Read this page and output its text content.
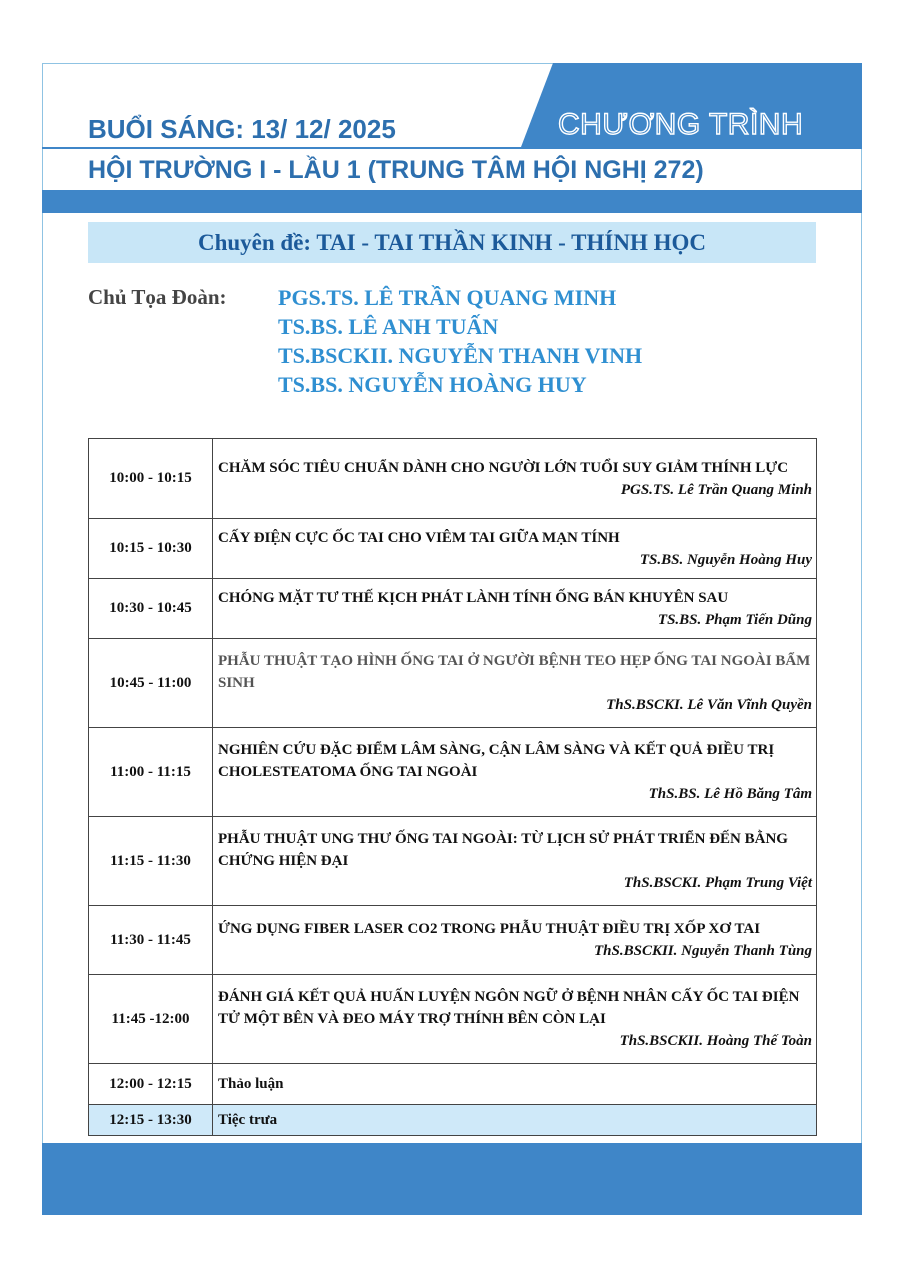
CHƯƠNG TRÌNH
BUỔI SÁNG: 13/ 12/ 2025
HỘI TRƯỜNG I - LẦU 1 (TRUNG TÂM HỘI NGHỊ 272)
Chuyên đề: TAI - TAI THẦN KINH - THÍNH HỌC
Chủ Tọa Đoàn: PGS.TS. LÊ TRẦN QUANG MINH
TS.BS. LÊ ANH TUẤN
TS.BSCKII. NGUYỄN THANH VINH
TS.BS. NGUYỄN HOÀNG HUY
10:00 - 10:15	CHĂM SÓC TIÊU CHUẨN DÀNH CHO NGƯỜI LỚN TUỔI SUY GIẢM THÍNH LỰC
PGS.TS. Lê Trần Quang Minh

10:15 - 10:30	CẤY ĐIỆN CỰC ỐC TAI CHO VIÊM TAI GIỮA MẠN TÍNH
TS.BS. Nguyễn Hoàng Huy

10:30 - 10:45	CHÓNG MẶT TƯ THẾ KỊCH PHÁT LÀNH TÍNH ỐNG BÁN KHUYÊN SAU
TS.BS. Phạm Tiến Dũng

10:45 - 11:00	PHẪU THUẬT TẠO HÌNH ỐNG TAI Ở NGƯỜI BỆNH TEO HẸP ỐNG TAI NGOÀI BẨM SINH
ThS.BSCKI. Lê Văn Vĩnh Quyền

11:00 - 11:15	NGHIÊN CỨU ĐẶC ĐIỂM LÂM SÀNG, CẬN LÂM SÀNG VÀ KẾT QUẢ ĐIỀU TRỊ CHOLESTEATOMA ỐNG TAI NGOÀI
ThS.BS. Lê Hồ Băng Tâm

11:15 - 11:30	PHẪU THUẬT UNG THƯ ỐNG TAI NGOÀI: TỪ LỊCH SỬ PHÁT TRIỂN ĐẾN BẰNG CHỨNG HIỆN ĐẠI
ThS.BSCKI. Phạm Trung Việt

11:30 - 11:45	ỨNG DỤNG FIBER LASER CO2 TRONG PHẪU THUẬT ĐIỀU TRỊ XỐP XƠ TAI
ThS.BSCKII. Nguyễn Thanh Tùng

11:45 -12:00	ĐÁNH GIÁ KẾT QUẢ HUẤN LUYỆN NGÔN NGỮ Ở BỆNH NHÂN CẤY ỐC TAI ĐIỆN TỬ MỘT BÊN VÀ ĐEO MÁY TRỢ THÍNH BÊN CÒN LẠI
ThS.BSCKII. Hoàng Thế Toàn

12:00 - 12:15	Thảo luận

12:15 - 13:30	Tiệc trưa
